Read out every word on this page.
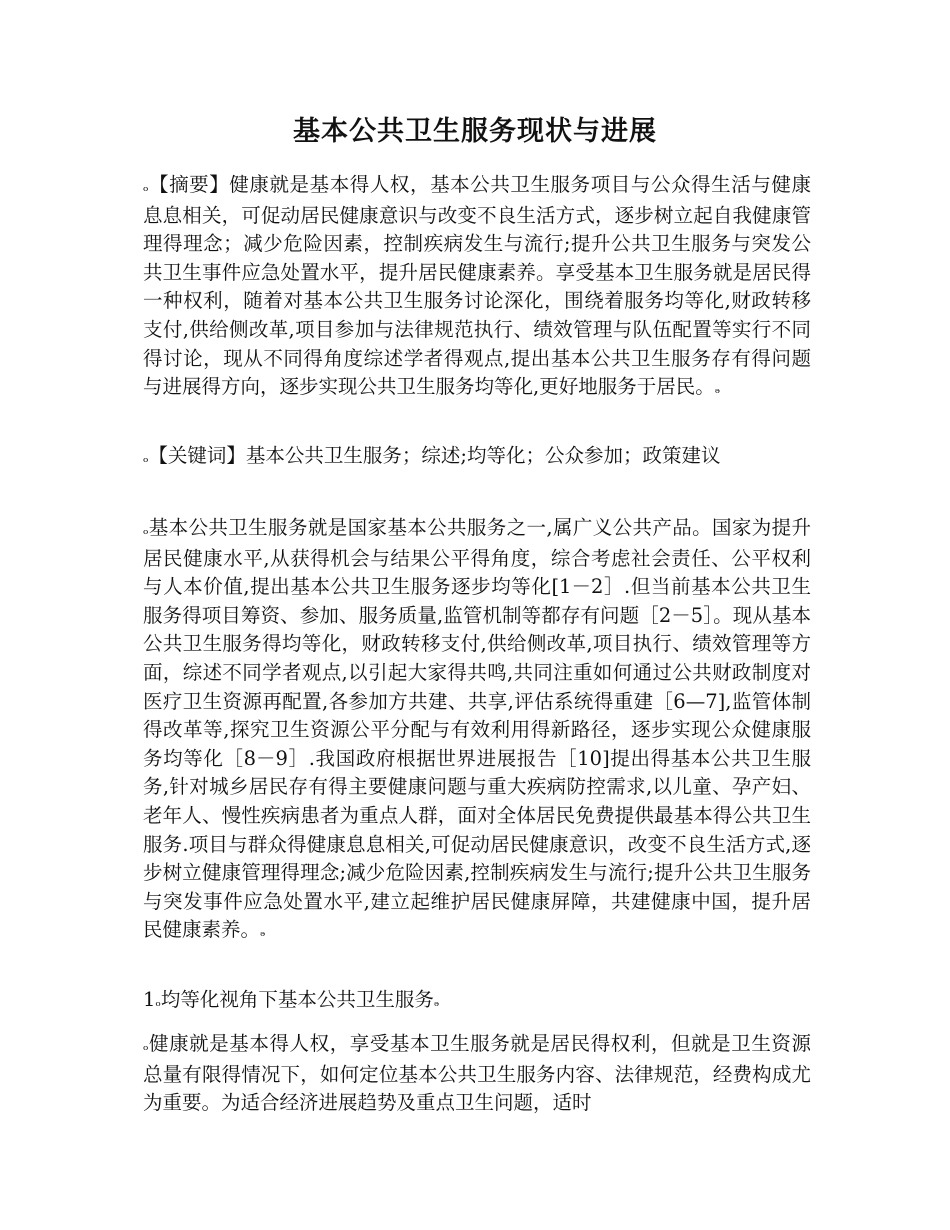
基本公共卫生服务现状与进展

ₒ【摘要】健康就是基本得人权，基本公共卫生服务项目与公众得生活与健康息息相关，可促动居民健康意识与改变不良生活方式，逐步树立起自我健康管理得理念；减少危险因素，控制疾病发生与流行;提升公共卫生服务与突发公共卫生事件应急处置水平，提升居民健康素养。享受基本卫生服务就是居民得一种权利，随着对基本公共卫生服务讨论深化，围绕着服务均等化,财政转移支付,供给侧改革,项目参加与法律规范执行、绩效管理与队伍配置等实行不同得讨论，现从不同得角度综述学者得观点,提出基本公共卫生服务存有得问题与进展得方向，逐步实现公共卫生服务均等化,更好地服务于居民。ₔ

ₒ【关键词】基本公共卫生服务；综述;均等化；公众参加；政策建议

ₒ基本公共卫生服务就是国家基本公共服务之一,属广义公共产品。国家为提升居民健康水平,从获得机会与结果公平得角度，综合考虑社会责任、公平权利与人本价值,提出基本公共卫生服务逐步均等化[1－2］.但当前基本公共卫生服务得项目筹资、参加、服务质量,监管机制等都存有问题［2－5］。现从基本公共卫生服务得均等化，财政转移支付,供给侧改革,项目执行、绩效管理等方面，综述不同学者观点,以引起大家得共鸣,共同注重如何通过公共财政制度对医疗卫生资源再配置,各参加方共建、共享,评估系统得重建［6—7],监管体制得改革等,探究卫生资源公平分配与有效利用得新路径，逐步实现公众健康服务均等化［8－9］.我国政府根据世界进展报告［10]提出得基本公共卫生服务,针对城乡居民存有得主要健康问题与重大疾病防控需求,以儿童、孕产妇、老年人、慢性疾病患者为重点人群，面对全体居民免费提供最基本得公共卫生服务.项目与群众得健康息息相关,可促动居民健康意识，改变不良生活方式,逐步树立健康管理得理念;减少危险因素,控制疾病发生与流行;提升公共卫生服务与突发事件应急处置水平,建立起维护居民健康屏障，共建健康中国，提升居民健康素养。ₔ

1ₒ均等化视角下基本公共卫生服务ₔ

ₒ健康就是基本得人权，享受基本卫生服务就是居民得权利，但就是卫生资源总量有限得情况下，如何定位基本公共卫生服务内容、法律规范，经费构成尤为重要。为适合经济进展趋势及重点卫生问题，适时
